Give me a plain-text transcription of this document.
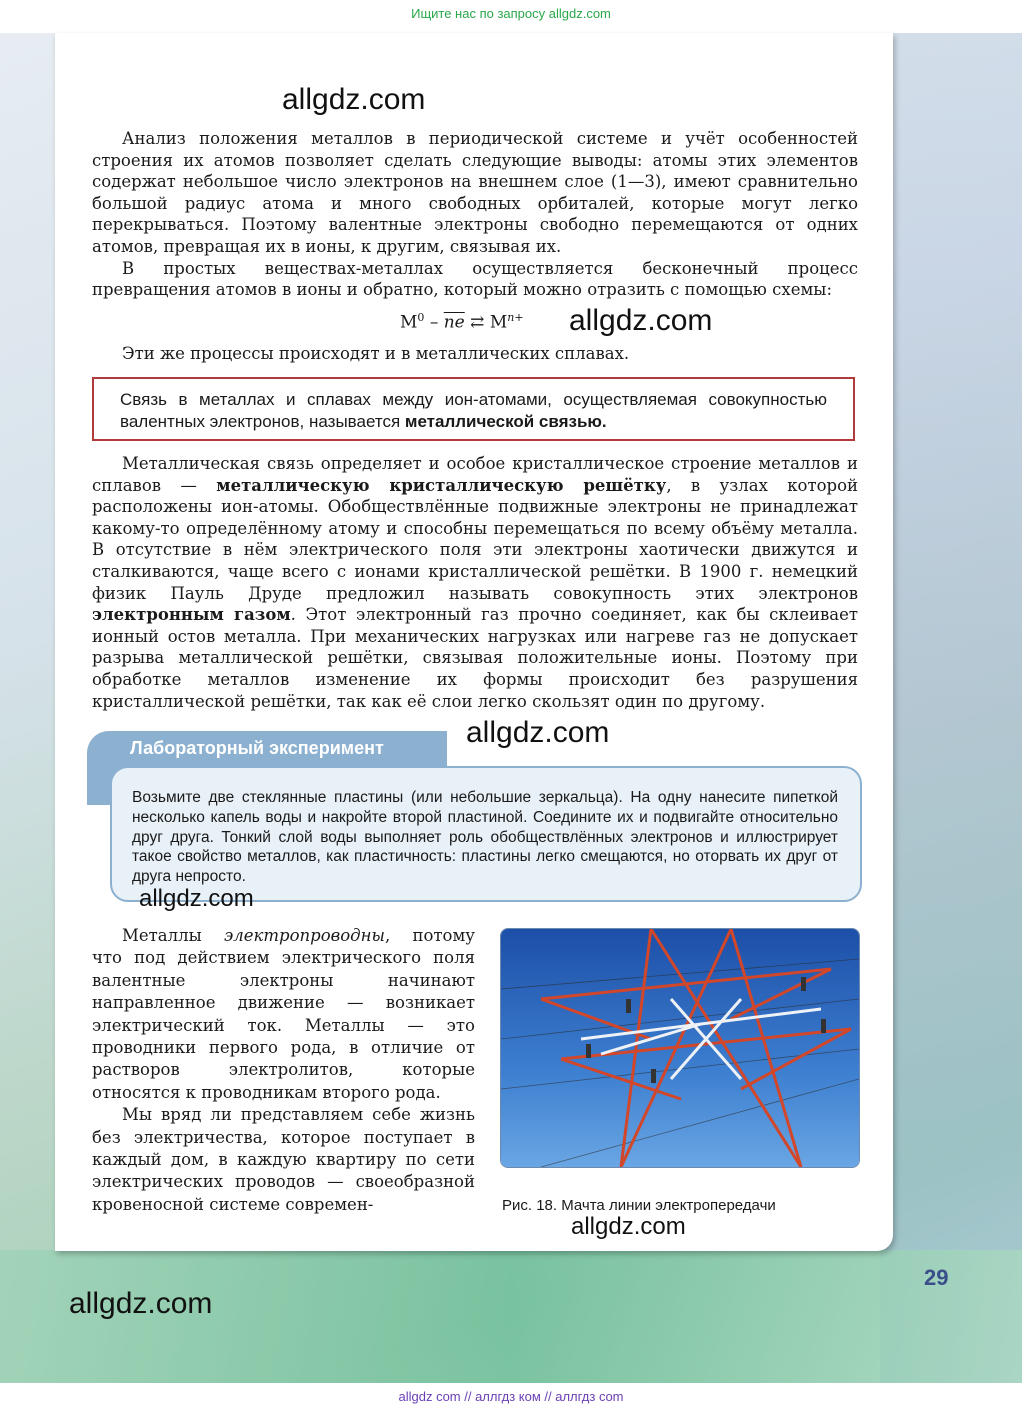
Ищите нас по запросу allgdz.com
allgdz.com

Анализ положения металлов в периодической системе и учёт особенностей строения их атомов позволяет сделать следующие выводы: атомы этих элементов содержат небольшое число электронов на внешнем слое (1—3), имеют сравнительно большой радиус атома и много свободных орбиталей, которые могут легко перекрываться. Поэтому валентные электроны свободно перемещаются от одних атомов, превращая их в ионы, к другим, связывая их.

В простых веществах-металлах осуществляется бесконечный процесс превращения атомов в ионы и обратно, который можно отразить с помощью схемы:

$M^0 - \overline{ne}$ ⇄ $M^{n+}$ allgdz.com

Эти же процессы происходят и в металлических сплавах.

Связь в металлах и сплавах между ион-атомами, осуществляемая совокупностью валентных электронов, называется металлической связью.

Металлическая связь определяет и особое кристаллическое строение металлов и сплавов — металлическую кристаллическую решётку, в узлах которой расположены ион-атомы. Обобществлённые подвижные электроны не принадлежат какому-то определённому атому и способны перемещаться по всему объёму металла. В отсутствие в нём электрического поля эти электроны хаотически движутся и сталкиваются, чаще всего с ионами кристаллической решётки. В 1900 г. немецкий физик Пауль Друде предложил называть совокупность этих электронов электронным газом. Этот электронный газ прочно соединяет, как бы склеивает ионный остов металла. При механических нагрузках или нагреве газ не допускает разрыва металлической решётки, связывая положительные ионы. Поэтому при обработке металлов изменение их формы происходит без разрушения кристаллической решётки, так как её слои легко скользят один по другому.

Лабораторный эксперимент	allgdz.com
Возьмите две стеклянные пластины (или небольшие зеркальца). На одну нанесите пипеткой несколько капель воды и накройте второй пластиной. Соедините их и подвигайте относительно друг друга. Тонкий слой воды выполняет роль обобществлённых электронов и иллюстрирует такое свойство металлов, как пластичность: пластины легко смещаются, но оторвать их друг от друга непросто.
allgdz.com

Металлы электропроводны, потому что под действием электрического поля валентные электроны начинают направленное движение — возникает электрический ток. Металлы — это проводники первого рода, в отличие от растворов электролитов, которые относятся к проводникам второго рода.

Мы вряд ли представляем себе жизнь без электричества, которое поступает в каждый дом, в каждую квартиру по сети электрических проводов — своеобразной кровеносной системе современ-	Рис. 18. Мачта линии электропередачи
allgdz.com
29
allgdz.com
allgdz com // аллгдз ком // аллгдз com
